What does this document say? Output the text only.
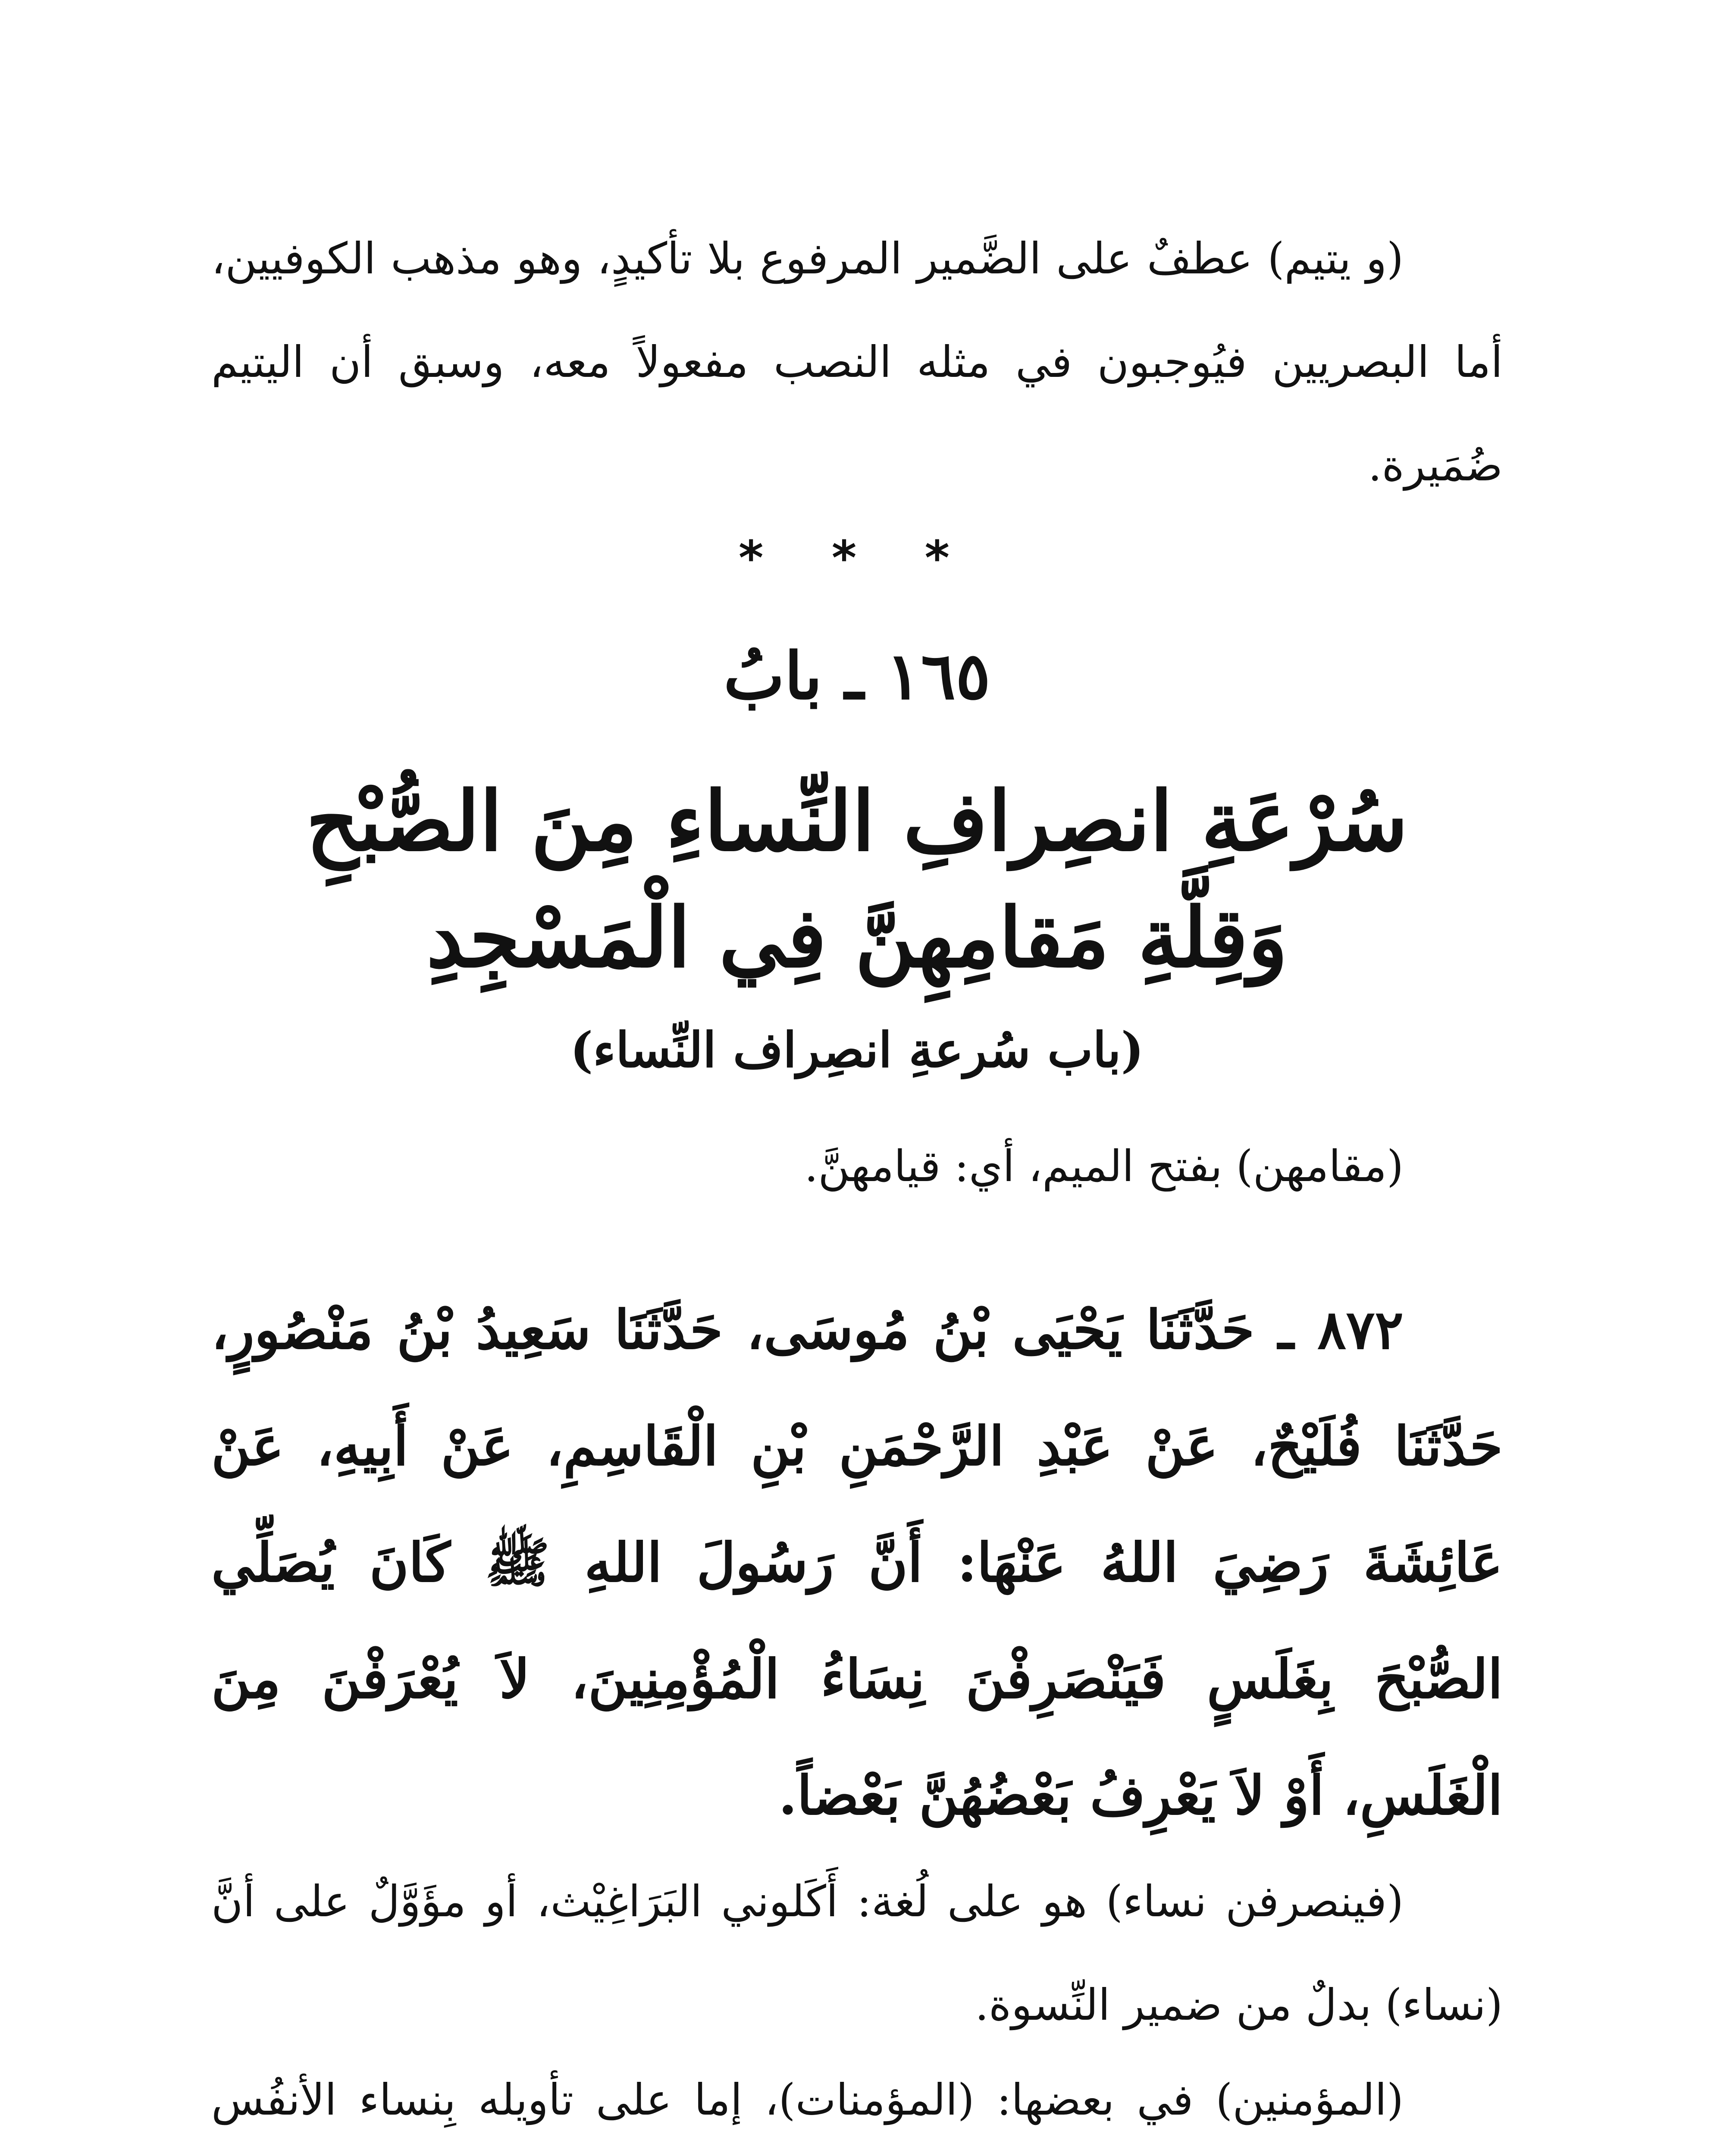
(و يتيم) عطفٌ على الضَّمير المرفوع بلا تأكيدٍ، وهو مذهب الكوفيين، أما البصريين فيُوجبون في مثله النصب مفعولاً معه، وسبق أن اليتيم ضُمَيرة.

* * *
١٦٥ ـ بابُ
سُرْعَةِ انصِرافِ النِّساءِ مِنَ الصُّبْحِ
وَقِلَّةِ مَقامِهِنَّ فِي الْمَسْجِدِ
(باب سُرعةِ انصِراف النِّساء)

(مقامهن) بفتح الميم، أي: قيامهنَّ.

٨٧٢ ـ حَدَّثَنَا يَحْيَى بْنُ مُوسَى، حَدَّثَنَا سَعِيدُ بْنُ مَنْصُورٍ، حَدَّثَنَا فُلَيْحٌ، عَنْ عَبْدِ الرَّحْمَنِ بْنِ الْقَاسِمِ، عَنْ أَبِيهِ، عَنْ عَائِشَةَ رَضِيَ اللهُ عَنْهَا: أَنَّ رَسُولَ اللهِ ﷺ كَانَ يُصَلِّي الصُّبْحَ بِغَلَسٍ فَيَنْصَرِفْنَ نِسَاءُ الْمُؤْمِنِينَ، لاَ يُعْرَفْنَ مِنَ الْغَلَسِ، أَوْ لاَ يَعْرِفُ بَعْضُهُنَّ بَعْضاً.

(فينصرفن نساء) هو على لُغة: أَكَلوني البَرَاغِيْث، أو مؤَوَّلٌ على أنَّ (نساء) بدلٌ من ضمير النِّسوة.

(المؤمنين) في بعضها: (المؤمنات)، إما على تأويله بِنساء الأنفُس
